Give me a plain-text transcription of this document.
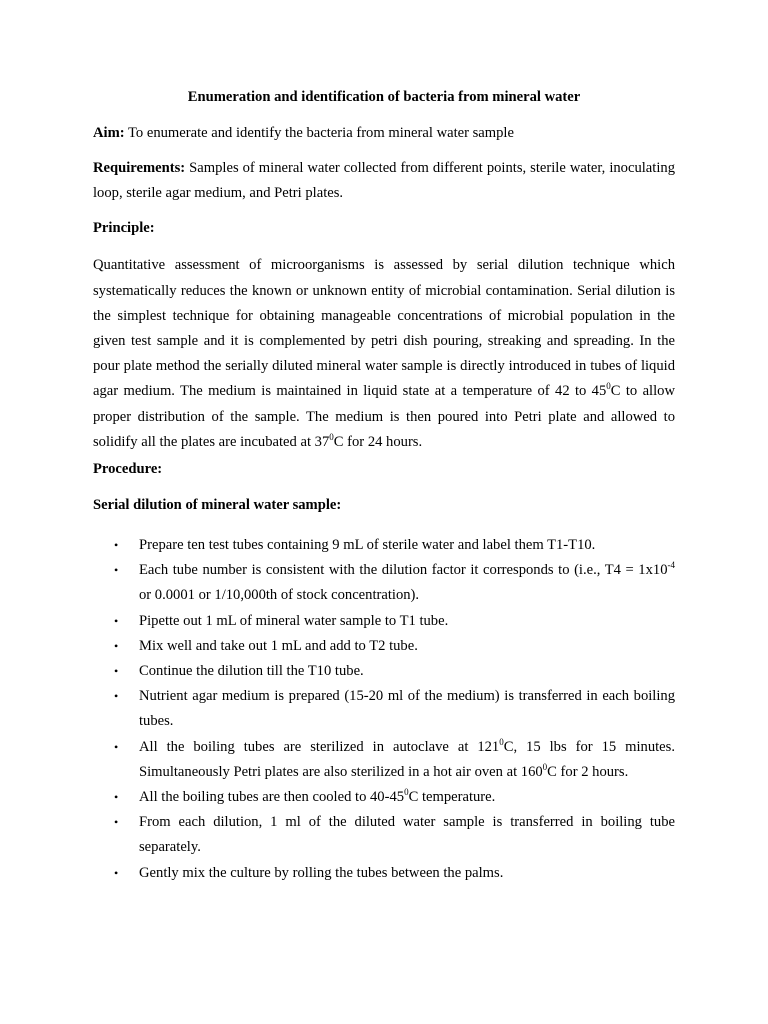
Enumeration and identification of bacteria from mineral water

Aim: To enumerate and identify the bacteria from mineral water sample

Requirements: Samples of mineral water collected from different points, sterile water, inoculating loop, sterile agar medium, and Petri plates.

Principle:

Quantitative assessment of microorganisms is assessed by serial dilution technique which systematically reduces the known or unknown entity of microbial contamination. Serial dilution is the simplest technique for obtaining manageable concentrations of microbial population in the given test sample and it is complemented by petri dish pouring, streaking and spreading. In the pour plate method the serially diluted mineral water sample is directly introduced in tubes of liquid agar medium. The medium is maintained in liquid state at a temperature of 42 to $45^0C$ to allow proper distribution of the sample. The medium is then poured into Petri plate and allowed to solidify all the plates are incubated at $37^0C$ for 24 hours.

Procedure:

Serial dilution of mineral water sample:

• Prepare ten test tubes containing 9 mL of sterile water and label them T1-T10.
• Each tube number is consistent with the dilution factor it corresponds to (i.e., $T4 = 1x10^{-4}$ or 0.0001 or 1/10,000th of stock concentration).
• Pipette out 1 mL of mineral water sample to T1 tube.
• Mix well and take out 1 mL and add to T2 tube.
• Continue the dilution till the T10 tube.
• Nutrient agar medium is prepared (15-20 ml of the medium) is transferred in each boiling tubes.
• All the boiling tubes are sterilized in autoclave at $121^0C$, 15 lbs for 15 minutes. Simultaneously Petri plates are also sterilized in a hot air oven at $160^0C$ for 2 hours.
• All the boiling tubes are then cooled to $40-45^0C$ temperature.
• From each dilution, 1 ml of the diluted water sample is transferred in boiling tube separately.
• Gently mix the culture by rolling the tubes between the palms.
